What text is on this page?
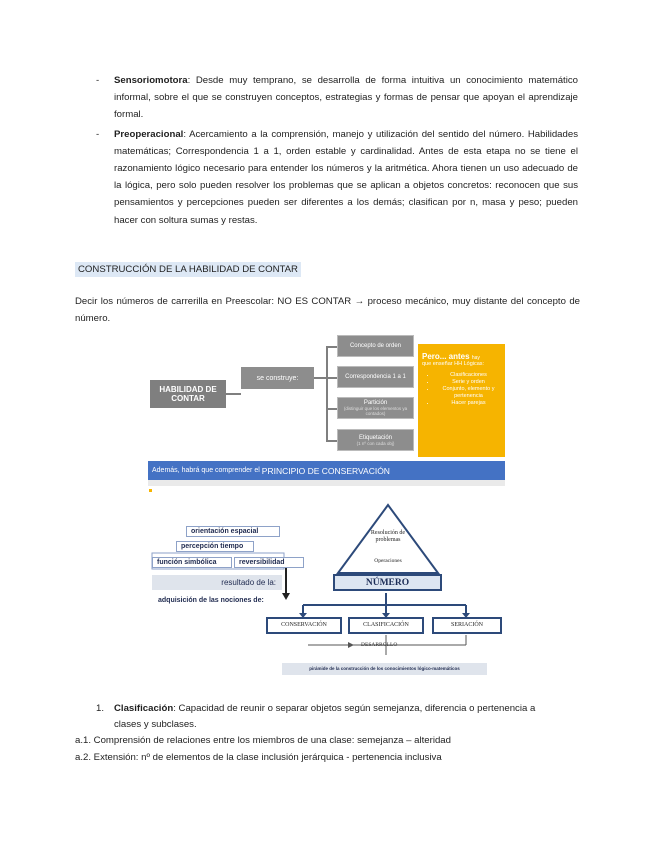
- Sensoriomotora: Desde muy temprano, se desarrolla de forma intuitiva un conocimiento matemático informal, sobre el que se construyen conceptos, estrategias y formas de pensar que apoyan el aprendizaje formal.
- Preoperacional: Acercamiento a la comprensión, manejo y utilización del sentido del número. Habilidades matemáticas; Correspondencia 1 a 1, orden estable y cardinalidad. Antes de esta etapa no se tiene el razonamiento lógico necesario para entender los números y la aritmética. Ahora tienen un uso adecuado de la lógica, pero solo pueden resolver los problemas que se aplican a objetos concretos: reconocen que sus pensamientos y percepciones pueden ser diferentes a los demás; clasifican por n, masa y peso; pueden hacer con soltura sumas y restas.
CONSTRUCCIÓN DE LA HABILIDAD DE CONTAR
Decir los números de carrerilla en Preescolar: NO ES CONTAR → proceso mecánico, muy distante del concepto de número.
HABILIDAD DE CONTAR
se construye:
Concepto de orden
Correspondencia 1 a 1
Partición
(distinguir que los elementos ya contados)
Etiquetación
(1 nº con cada obj)
Pero... antes hay
que enseñar HH Lógicas:
• Clasificaciones
• Serie y orden
• Conjunto, elemento y pertenencia
• Hacer parejas
Además, habrá que comprender el PRINCIPIO DE CONSERVACIÓN
orientación espacial
percepción tiempo
función simbólica	reversibilidad
resultado de la:
adquisición de las nociones de:
Resolución de problemas
Operaciones
NÚMERO
CONSERVACIÓN	CLASIFICACIÓN	SERIACIÓN
DESARROLLO
pirámide de la construcción de los conocimientos lógico-matemáticos
1.	Clasificación: Capacidad de reunir o separar objetos según semejanza, diferencia o pertenencia a clases y subclases.
a.1. Comprensión de relaciones entre los miembros de una clase: semejanza – alteridad
a.2. Extensión: nº de elementos de la clase inclusión jerárquica - pertenencia inclusiva
